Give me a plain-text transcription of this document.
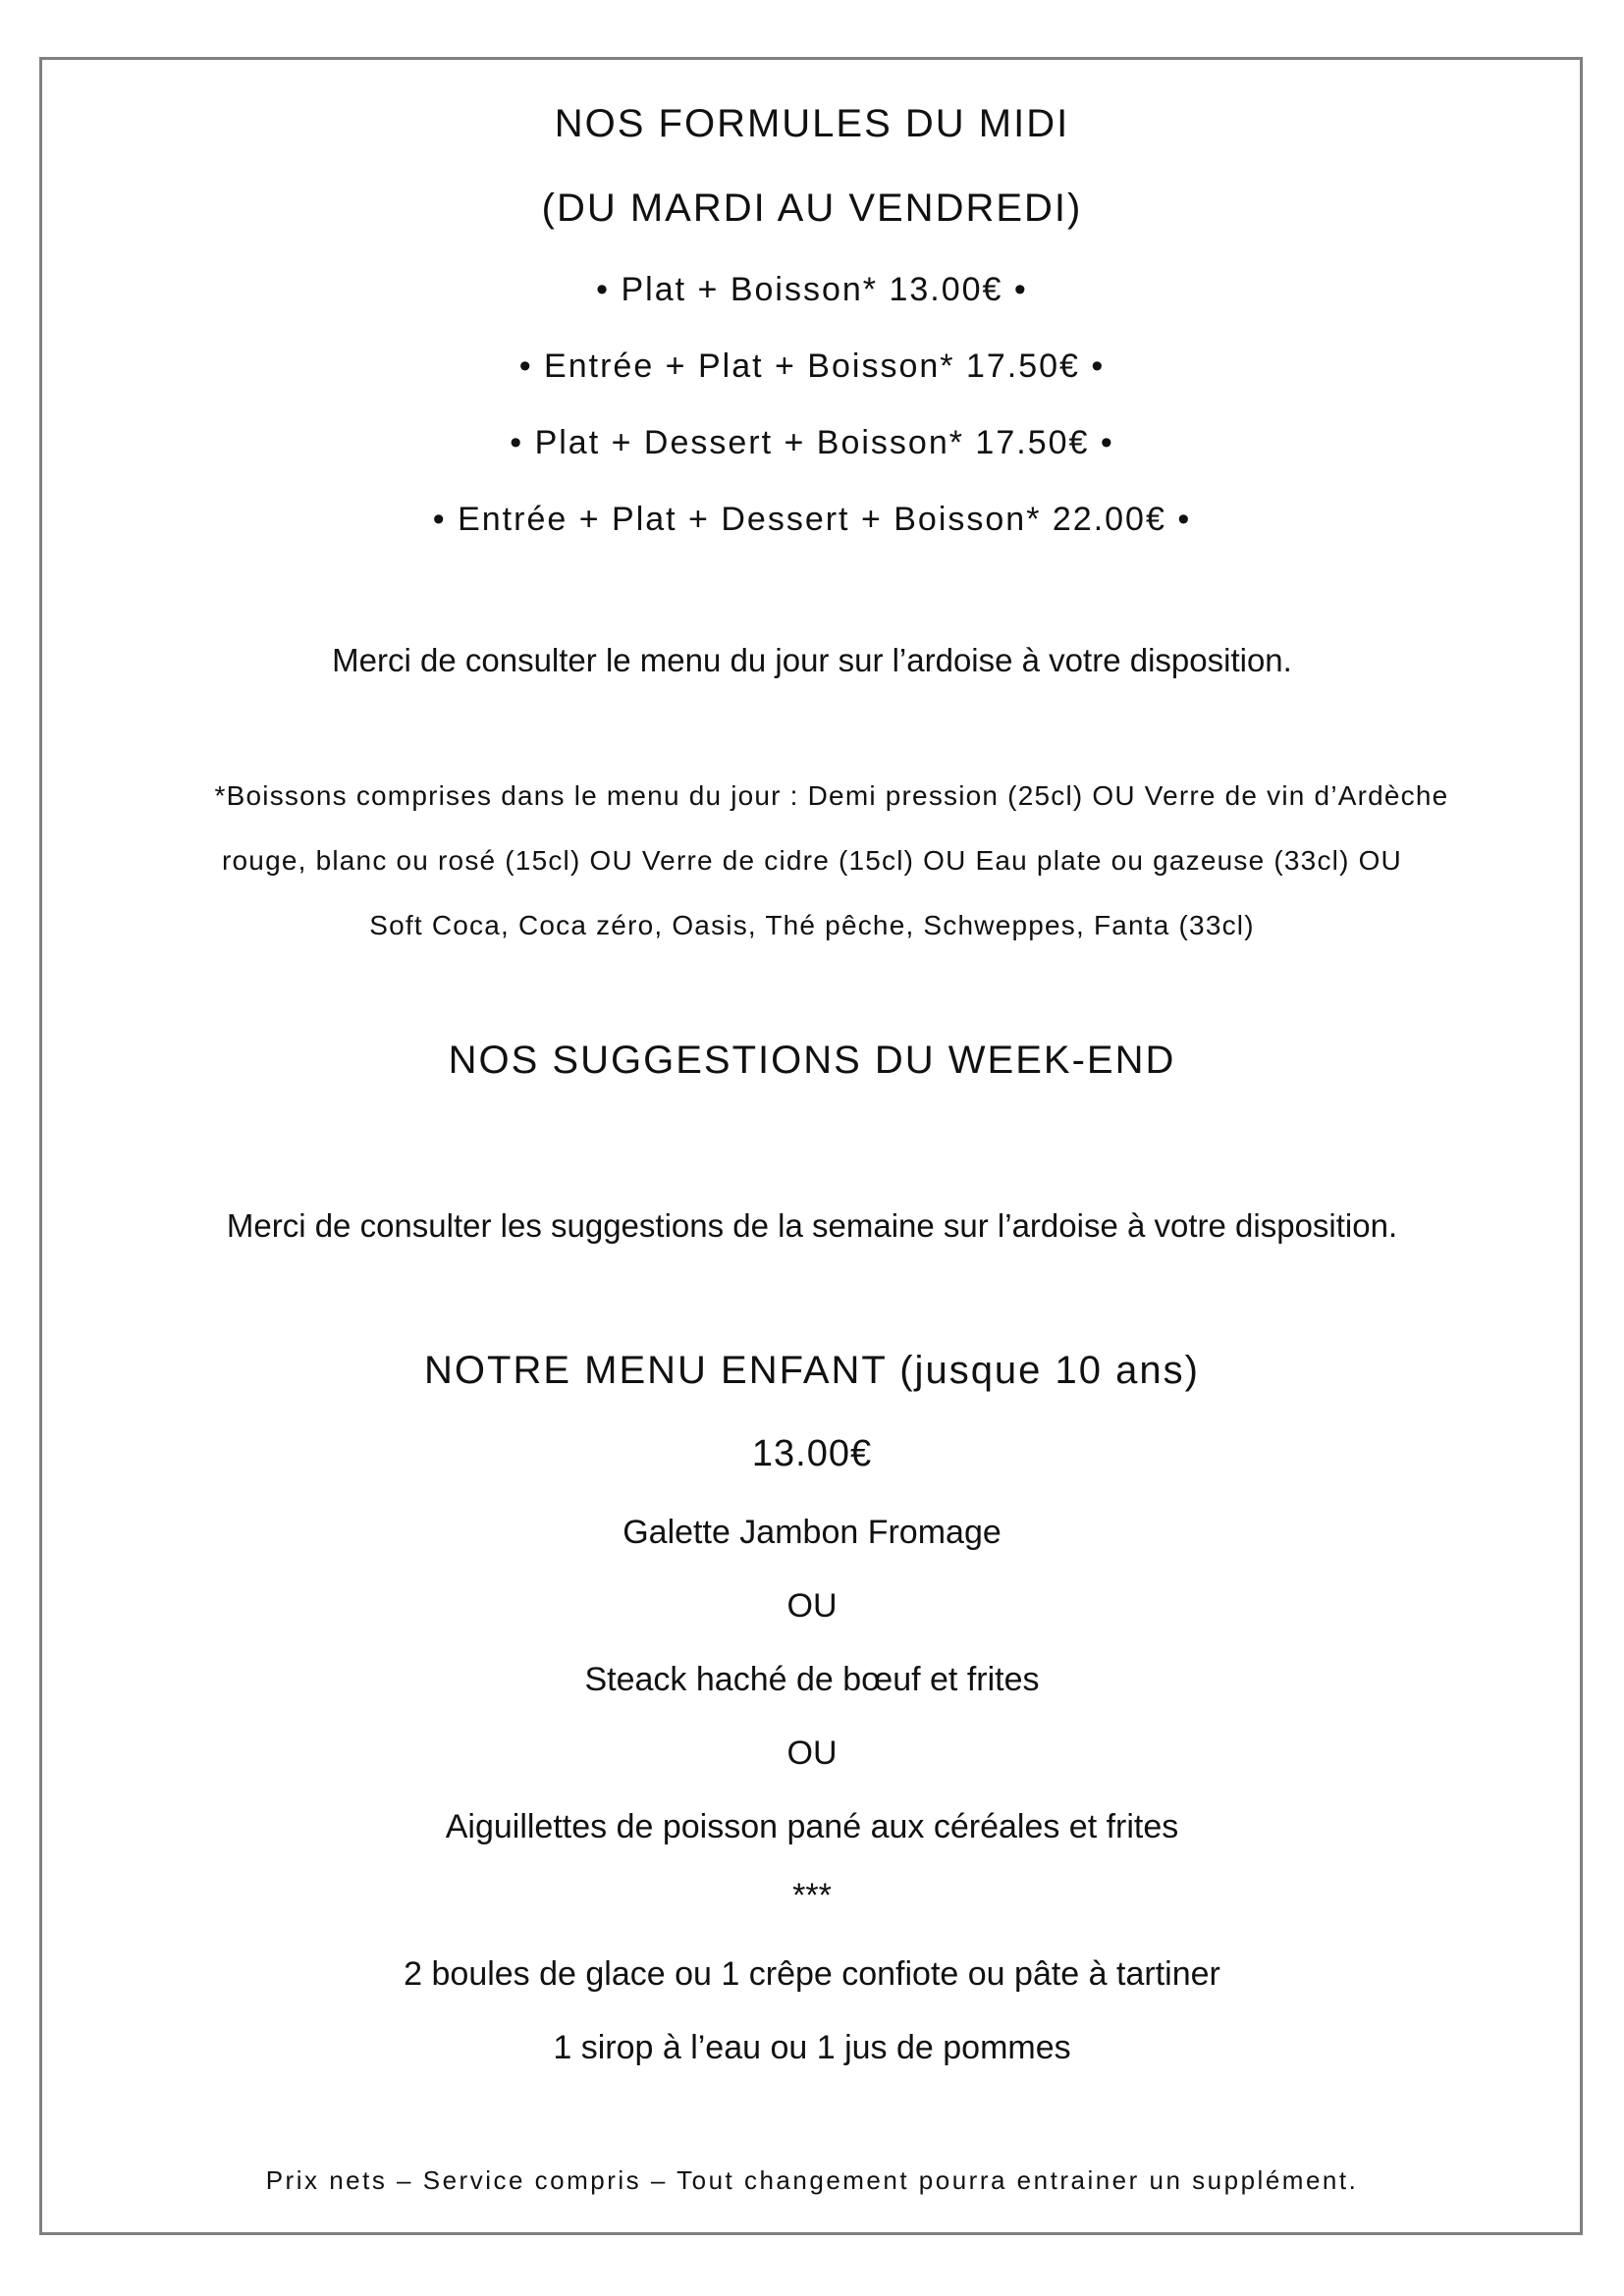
NOS FORMULES DU MIDI
(DU MARDI AU VENDREDI)
• Plat + Boisson* 13.00€ •
• Entrée + Plat + Boisson* 17.50€ •
• Plat + Dessert + Boisson* 17.50€ •
• Entrée + Plat + Dessert + Boisson* 22.00€ •
Merci de consulter le menu du jour sur l’ardoise à votre disposition.
*Boissons comprises dans le menu du jour : Demi pression (25cl) OU Verre de vin d’Ardèche
rouge, blanc ou rosé (15cl) OU Verre de cidre (15cl) OU Eau plate ou gazeuse (33cl) OU
Soft Coca, Coca zéro, Oasis, Thé pêche, Schweppes, Fanta (33cl)
NOS SUGGESTIONS DU WEEK-END
Merci de consulter les suggestions de la semaine sur l’ardoise à votre disposition.
NOTRE MENU ENFANT (jusque 10 ans)
13.00€
Galette Jambon Fromage
OU
Steack haché de bœuf et frites
OU
Aiguillettes de poisson pané aux céréales et frites
***
2 boules de glace ou 1 crêpe confiote ou pâte à tartiner
1 sirop à l’eau ou 1 jus de pommes
Prix nets – Service compris – Tout changement pourra entrainer un supplément.
